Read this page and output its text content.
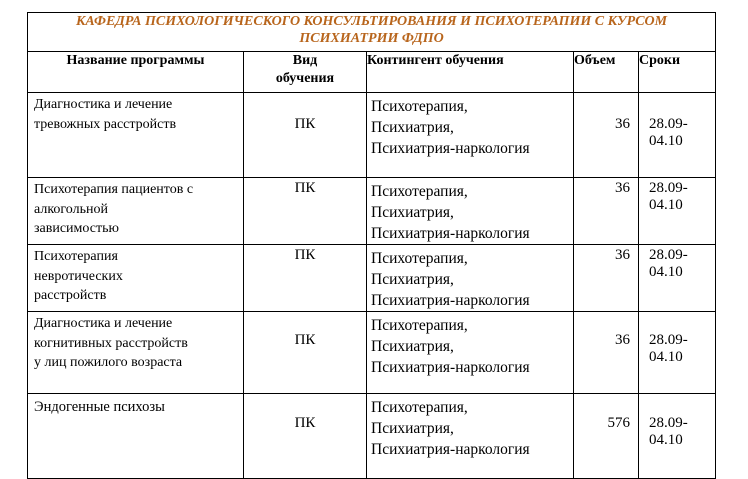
КАФЕДРА ПСИХОЛОГИЧЕСКОГО КОНСУЛЬТИРОВАНИЯ И ПСИХОТЕРАПИИ С КУРСОМ
ПСИХИАТРИИ ФДПО				

Название программы	Вид
обучения	Контингент обучения	Объем	Сроки

Диагностика и лечение
тревожных расстройств	ПК	Психотерапия,
Психиатрия,
Психиатрия-наркология	36	28.09-04.10

Психотерапия пациентов с
алкогольной
зависимостью	ПК	Психотерапия,
Психиатрия,
Психиатрия-наркология	36	28.09-04.10

Психотерапия
невротических
расстройств	ПК	Психотерапия,
Психиатрия,
Психиатрия-наркология	36	28.09-04.10

Диагностика и лечение
когнитивных расстройств
у лиц пожилого возраста	ПК	Психотерапия,
Психиатрия,
Психиатрия-наркология	36	28.09-04.10

Эндогенные психозы	ПК	Психотерапия,
Психиатрия,
Психиатрия-наркология	576	28.09-04.10
